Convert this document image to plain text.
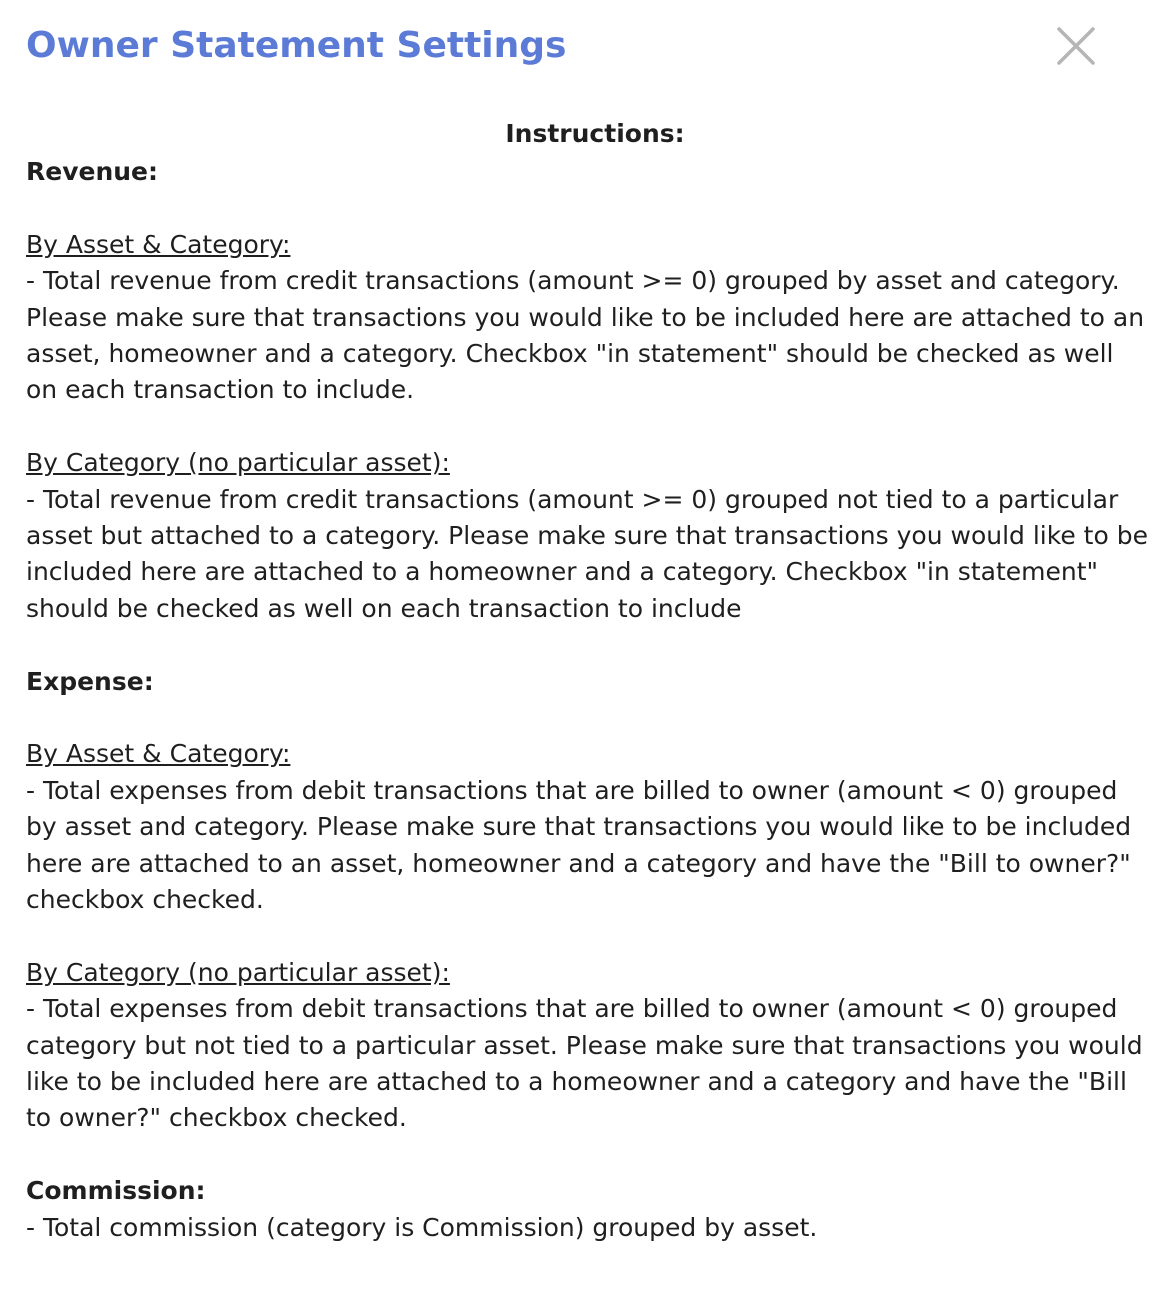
Owner Statement Settings

Instructions:

Revenue:

By Asset & Category:

- Total revenue from credit transactions (amount >= 0) grouped by asset and category. Please make sure that transactions you would like to be included here are attached to an asset, homeowner and a category. Checkbox "in statement" should be checked as well on each transaction to include.

By Category (no particular asset):

- Total revenue from credit transactions (amount >= 0) grouped not tied to a particular asset but attached to a category. Please make sure that transactions you would like to be included here are attached to a homeowner and a category. Checkbox "in statement" should be checked as well on each transaction to include

Expense:

By Asset & Category:

- Total expenses from debit transactions that are billed to owner (amount < 0) grouped by asset and category. Please make sure that transactions you would like to be included here are attached to an asset, homeowner and a category and have the "Bill to owner?" checkbox checked.

By Category (no particular asset):

- Total expenses from debit transactions that are billed to owner (amount < 0) grouped category but not tied to a particular asset. Please make sure that transactions you would like to be included here are attached to a homeowner and a category and have the "Bill to owner?" checkbox checked.

Commission:

- Total commission (category is Commission) grouped by asset.
